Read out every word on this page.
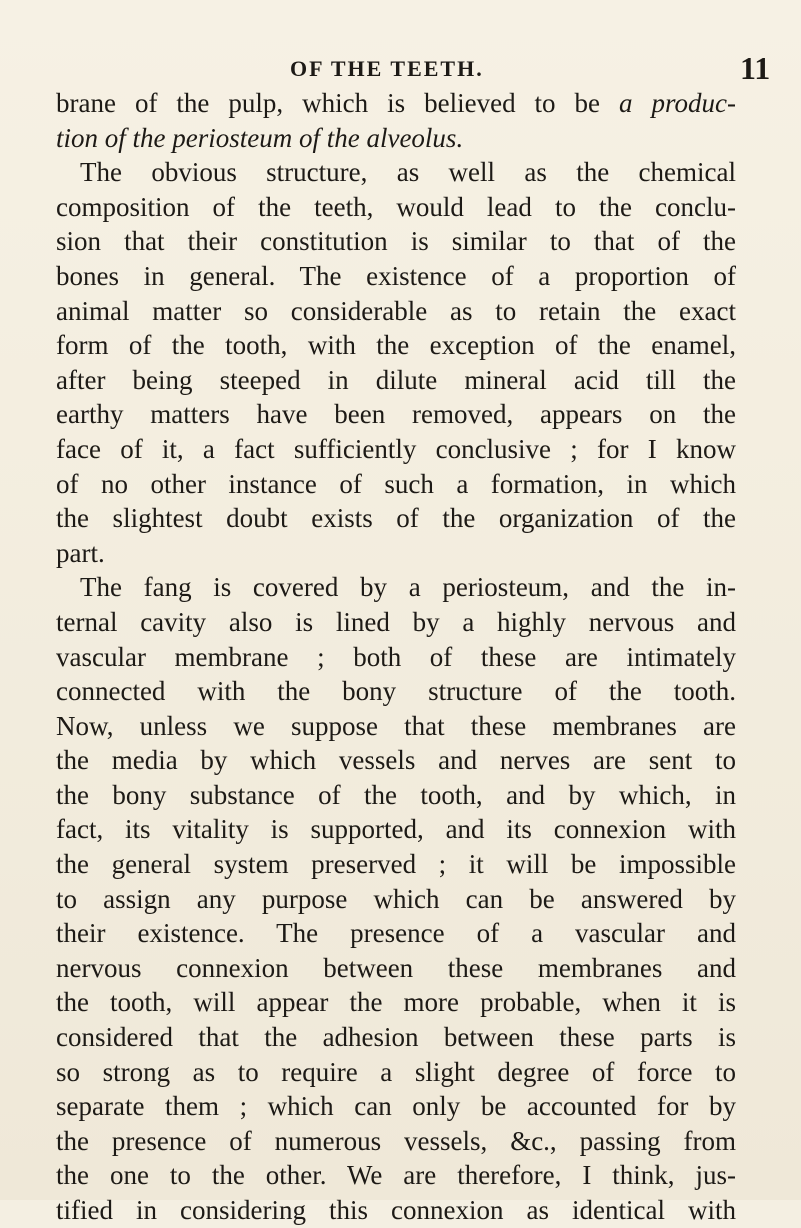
OF THE TEETH.	11
brane of the pulp, which is believed to be a produc-
tion of the periosteum of the alveolus.
The obvious structure, as well as the chemical
composition of the teeth, would lead to the conclu-
sion that their constitution is similar to that of the
bones in general. The existence of a proportion of
animal matter so considerable as to retain the exact
form of the tooth, with the exception of the enamel,
after being steeped in dilute mineral acid till the
earthy matters have been removed, appears on the
face of it, a fact sufficiently conclusive ; for I know
of no other instance of such a formation, in which
the slightest doubt exists of the organization of the
part.
The fang is covered by a periosteum, and the in-
ternal cavity also is lined by a highly nervous and
vascular membrane ; both of these are intimately
connected with the bony structure of the tooth.
Now, unless we suppose that these membranes are
the media by which vessels and nerves are sent to
the bony substance of the tooth, and by which, in
fact, its vitality is supported, and its connexion with
the general system preserved ; it will be impossible
to assign any purpose which can be answered by
their existence. The presence of a vascular and
nervous connexion between these membranes and
the tooth, will appear the more probable, when it is
considered that the adhesion between these parts is
so strong as to require a slight degree of force to
separate them ; which can only be accounted for by
the presence of numerous vessels, &c., passing from
the one to the other. We are therefore, I think, jus-
tified in considering this connexion as identical with
